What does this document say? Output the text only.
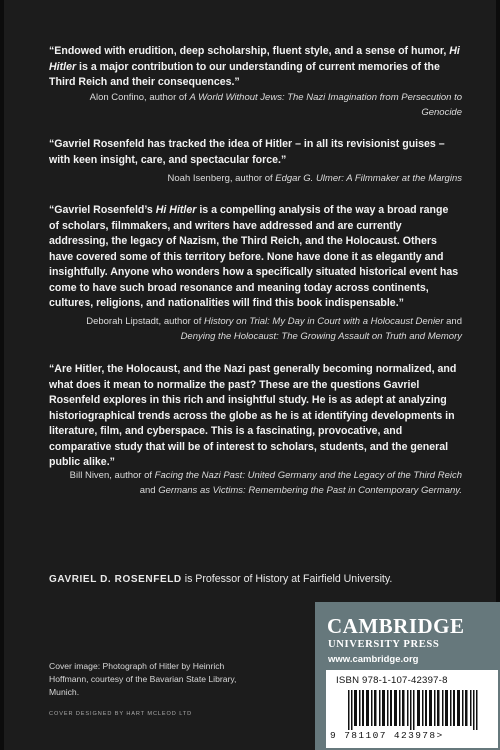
“Endowed with erudition, deep scholarship, fluent style, and a sense of humor, Hi Hitler is a major contribution to our understanding of current memories of the Third Reich and their consequences.”
Alon Confino, author of A World Without Jews: The Nazi Imagination from Persecution to Genocide
“Gavriel Rosenfeld has tracked the idea of Hitler – in all its revisionist guises – with keen insight, care, and spectacular force.”
Noah Isenberg, author of Edgar G. Ulmer: A Filmmaker at the Margins
“Gavriel Rosenfeld’s Hi Hitler is a compelling analysis of the way a broad range of scholars, filmmakers, and writers have addressed and are currently addressing, the legacy of Nazism, the Third Reich, and the Holocaust. Others have covered some of this territory before. None have done it as elegantly and insightfully. Anyone who wonders how a specifically situated historical event has come to have such broad resonance and meaning today across continents, cultures, religions, and nationalities will find this book indispensable.”
Deborah Lipstadt, author of History on Trial: My Day in Court with a Holocaust Denier and Denying the Holocaust: The Growing Assault on Truth and Memory
“Are Hitler, the Holocaust, and the Nazi past generally becoming normalized, and what does it mean to normalize the past? These are the questions Gavriel Rosenfeld explores in this rich and insightful study. He is as adept at analyzing historiographical trends across the globe as he is at identifying developments in literature, film, and cyberspace. This is a fascinating, provocative, and comparative study that will be of interest to scholars, students, and the general public alike.”
Bill Niven, author of Facing the Nazi Past: United Germany and the Legacy of the Third Reich and Germans as Victims: Remembering the Past in Contemporary Germany.
GAVRIEL D. ROSENFELD is Professor of History at Fairfield University.
Cover image: Photograph of Hitler by Heinrich Hoffmann, courtesy of the Bavarian State Library, Munich.
COVER DESIGNED BY HART MCLEOD LTD
CAMBRIDGE
UNIVERSITY PRESS
www.cambridge.org
ISBN 978-1-107-42397-8
9 781107 423978>
